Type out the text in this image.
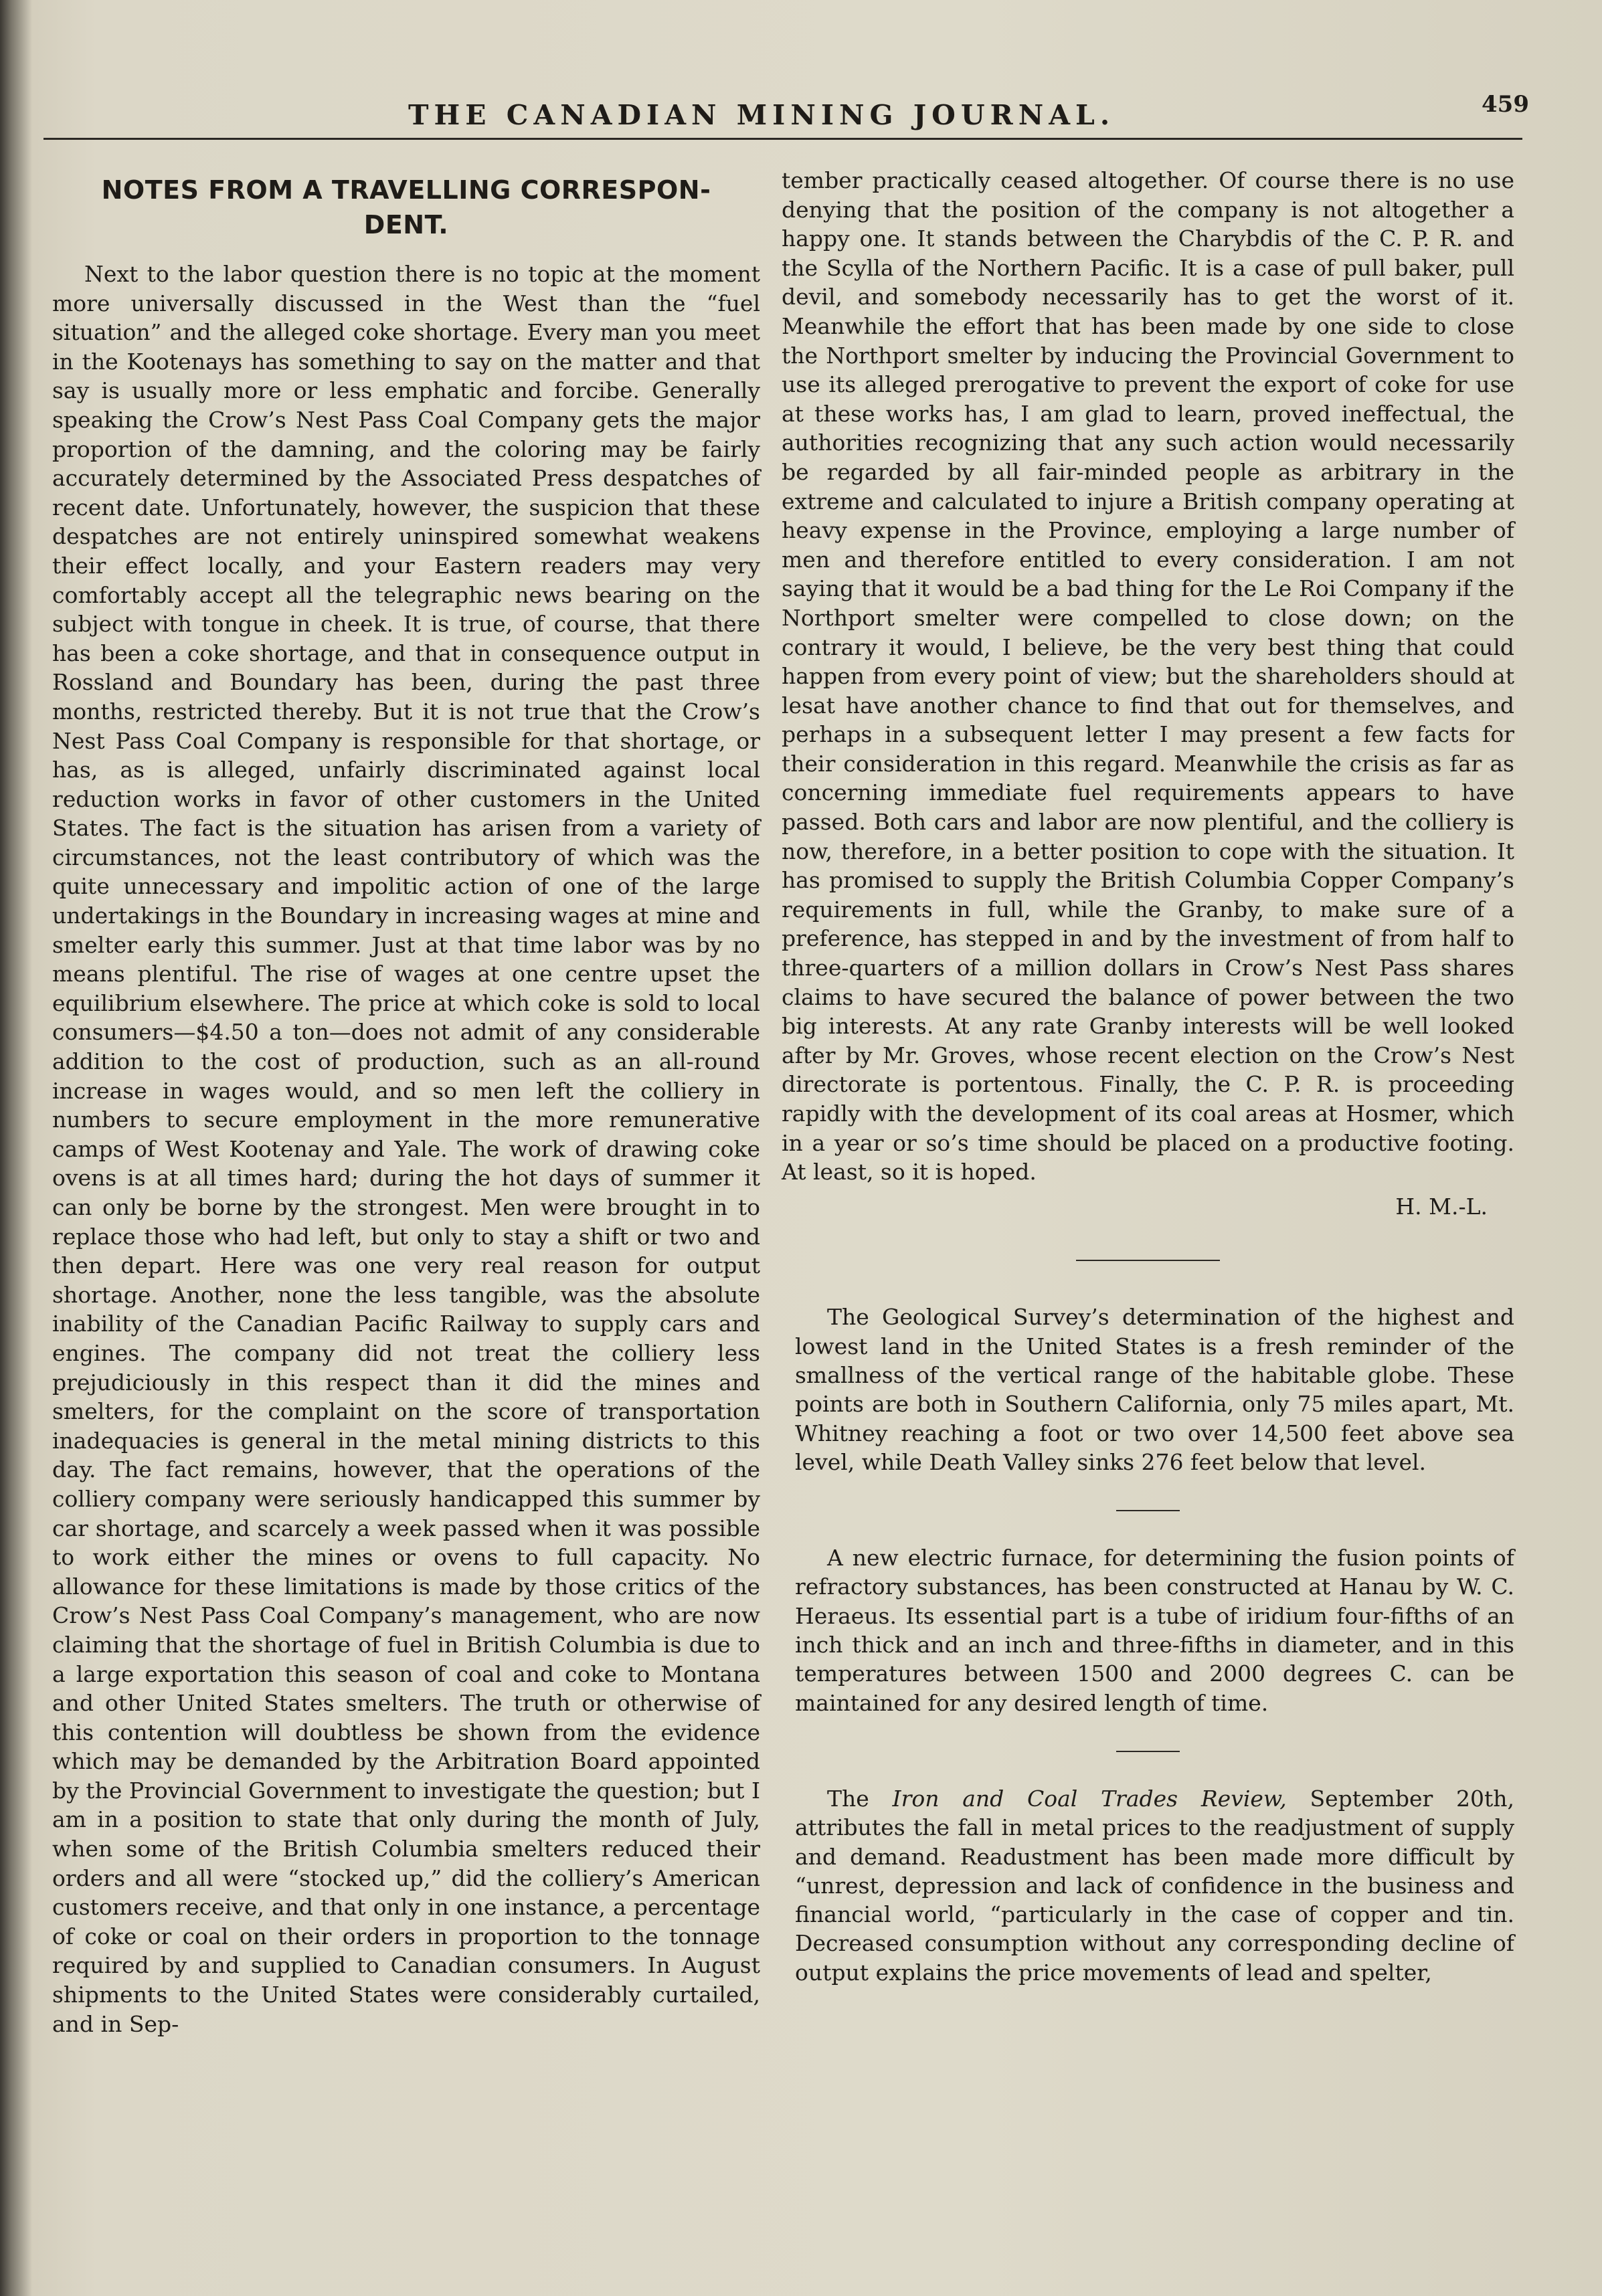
THE CANADIAN MINING JOURNAL.	459
NOTES FROM A TRAVELLING CORRESPON-
DENT.

Next to the labor question there is no topic at the moment more universally discussed in the West than the “fuel situation” and the alleged coke shortage. Every man you meet in the Kootenays has something to say on the matter and that say is usually more or less emphatic and forcibe. Generally speaking the Crow’s Nest Pass Coal Company gets the major proportion of the damning, and the coloring may be fairly accurately determined by the Associated Press despatches of recent date. Unfortunately, however, the suspicion that these despatches are not entirely uninspired somewhat weakens their effect locally, and your Eastern readers may very comfortably accept all the telegraphic news bearing on the subject with tongue in cheek. It is true, of course, that there has been a coke shortage, and that in consequence output in Rossland and Boundary has been, during the past three months, restricted thereby. But it is not true that the Crow’s Nest Pass Coal Company is responsible for that shortage, or has, as is alleged, unfairly discriminated against local reduction works in favor of other customers in the United States. The fact is the situation has arisen from a variety of circumstances, not the least contributory of which was the quite unnecessary and impolitic action of one of the large undertakings in the Boundary in increasing wages at mine and smelter early this summer. Just at that time labor was by no means plentiful. The rise of wages at one centre upset the equilibrium elsewhere. The price at which coke is sold to local consumers—$4.50 a ton—does not admit of any considerable addition to the cost of production, such as an all-round increase in wages would, and so men left the colliery in numbers to secure employment in the more remunerative camps of West Kootenay and Yale. The work of drawing coke ovens is at all times hard; during the hot days of summer it can only be borne by the strongest. Men were brought in to replace those who had left, but only to stay a shift or two and then depart. Here was one very real reason for output shortage. Another, none the less tangible, was the absolute inability of the Canadian Pacific Railway to supply cars and engines. The company did not treat the colliery less prejudiciously in this respect than it did the mines and smelters, for the complaint on the score of transportation inadequacies is general in the metal mining districts to this day. The fact remains, however, that the operations of the colliery company were seriously handicapped this summer by car shortage, and scarcely a week passed when it was possible to work either the mines or ovens to full capacity. No allowance for these limitations is made by those critics of the Crow’s Nest Pass Coal Company’s management, who are now claiming that the shortage of fuel in British Columbia is due to a large exportation this season of coal and coke to Montana and other United States smelters. The truth or otherwise of this contention will doubtless be shown from the evidence which may be demanded by the Arbitration Board appointed by the Provincial Government to investigate the question; but I am in a position to state that only during the month of July, when some of the British Columbia smelters reduced their orders and all were “stocked up,” did the colliery’s American customers receive, and that only in one instance, a percentage of coke or coal on their orders in proportion to the tonnage required by and supplied to Canadian consumers. In August shipments to the United States were considerably curtailed, and in Sep-

tember practically ceased altogether. Of course there is no use denying that the position of the company is not altogether a happy one. It stands between the Charybdis of the C. P. R. and the Scylla of the Northern Pacific. It is a case of pull baker, pull devil, and somebody necessarily has to get the worst of it. Meanwhile the effort that has been made by one side to close the Northport smelter by inducing the Provincial Government to use its alleged prerogative to prevent the export of coke for use at these works has, I am glad to learn, proved ineffectual, the authorities recognizing that any such action would necessarily be regarded by all fair-minded people as arbitrary in the extreme and calculated to injure a British company operating at heavy expense in the Province, employing a large number of men and therefore entitled to every consideration. I am not saying that it would be a bad thing for the Le Roi Company if the Northport smelter were compelled to close down; on the contrary it would, I believe, be the very best thing that could happen from every point of view; but the shareholders should at lesat have another chance to find that out for themselves, and perhaps in a subsequent letter I may present a few facts for their consideration in this regard. Meanwhile the crisis as far as concerning immediate fuel requirements appears to have passed. Both cars and labor are now plentiful, and the colliery is now, therefore, in a better position to cope with the situation. It has promised to supply the British Columbia Copper Company’s requirements in full, while the Granby, to make sure of a preference, has stepped in and by the investment of from half to three-quarters of a million dollars in Crow’s Nest Pass shares claims to have secured the balance of power between the two big interests. At any rate Granby interests will be well looked after by Mr. Groves, whose recent election on the Crow’s Nest directorate is portentous. Finally, the C. P. R. is proceeding rapidly with the development of its coal areas at Hosmer, which in a year or so’s time should be placed on a productive footing. At least, so it is hoped.

H. M.-L.

The Geological Survey’s determination of the highest and lowest land in the United States is a fresh reminder of the smallness of the vertical range of the habitable globe. These points are both in Southern California, only 75 miles apart, Mt. Whitney reaching a foot or two over 14,500 feet above sea level, while Death Valley sinks 276 feet below that level.

A new electric furnace, for determining the fusion points of refractory substances, has been constructed at Hanau by W. C. Heraeus. Its essential part is a tube of iridium four-fifths of an inch thick and an inch and three-fifths in diameter, and in this temperatures between 1500 and 2000 degrees C. can be maintained for any desired length of time.

The Iron and Coal Trades Review, September 20th, attributes the fall in metal prices to the readjustment of supply and demand. Readustment has been made more difficult by “unrest, depression and lack of confidence in the business and financial world, “particularly in the case of copper and tin. Decreased consumption without any corresponding decline of output explains the price movements of lead and spelter,
